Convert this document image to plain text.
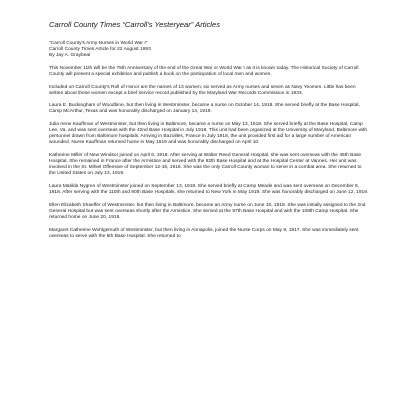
Carroll County Times “Carroll's Yesteryear” Articles
“Carroll County's Army Nurses in World War I”
Carroll County Times Article for 22 August 1993
By Jay A. Graybeal
This November 11th will be the 75th Anniversary of the end of the Great War or World War I as it is known today. The Historical Society of Carroll County will present a special exhibition and publish a book on the participation of local men and women.
Included on Carroll County's Roll of Honor are the names of 13 women; six served as Army nurses and seven as Navy Yeomen. Little has been written about these women except a brief service record published by the Maryland War Records Commission in 1933.
Laura E. Buckingham of Woodbine, but then living in Westminster, became a nurse on October 14, 1918. She served briefly at the Base Hospital, Camp McArthur, Texas and was honorably discharged on January 14, 1919.
Julia Irene Kauffman of Westminster, but then living in Baltimore, became a nurse on May 13, 1918. She served briefly at the Base Hospital, Camp Lee, Va. and was sent overseas with the 42nd Base Hospital in July 1918. This unit had been organized at the University of Maryland, Baltimore with personnel drawn from Baltimore hospitals. Arriving in Bazoilles, France in July 1918, the unit provided first aid for a large number of American wounded. Nurse Kauffman returned home in May 1919 and was honorably discharged on April 10.
Katherine Miller of New Windsor joined on April 6, 1918. After serving at Walter Reed General Hospital, she was sent overseas with the 45th Base Hospital. She remained in France after the Armistice and served with the 82th Base Hospital and at the Hospital Center at Vannes. Her unit was involved in the St. Mihiel Offensive of September 12-16, 1918. She was the only Carroll County woman to serve in a combat area. She returned to the United States on July 13, 1919.
Laura Matilda Nygren of Westminster joined on September 13, 1918. She served briefly at Camp Meade and was sent overseas on December 6, 1918. After serving with the 110th and 90th Base Hospitals, she returned to New York in May 1919. She was honorably discharged on June 12, 1919.
Ellen Elizabeth Shaeffer of Westminster, but then living in Baltimore, became an Army nurse on June 10, 1918. She was initially assigned to the 2nd General Hospital but was sent overseas shortly after the Armistice. She served at the 97th Base Hospital and with the 108th Camp Hospital. She returned home on June 20, 1918.
Margaret Catherine Wohlgemuth of Westminster, but then living in Annapolis, joined the Nurse Corps on May 8, 1917. She was immediately sent overseas to serve with the 5th Base Hospital. She returned to
